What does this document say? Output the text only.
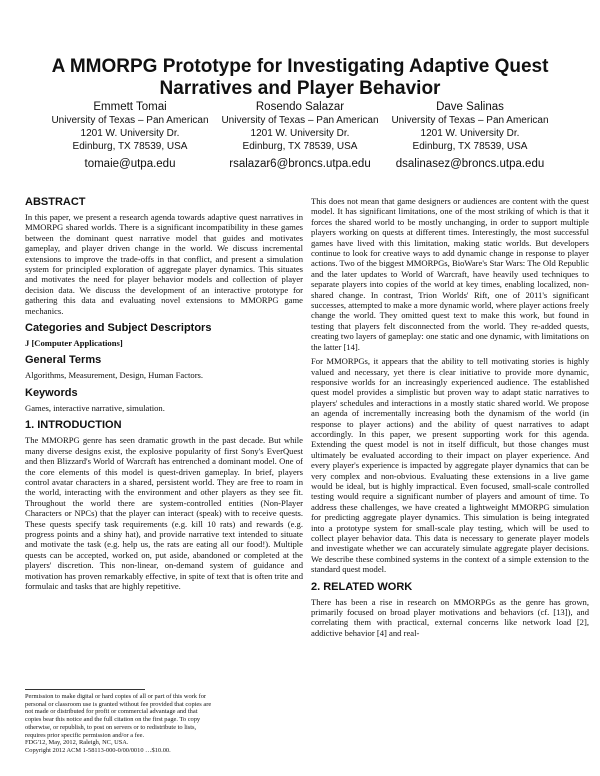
A MMORPG Prototype for Investigating Adaptive Quest Narratives and Player Behavior
Emmett Tomai
University of Texas – Pan American
1201 W. University Dr.
Edinburg, TX 78539, USA
tomaie@utpa.edu
Rosendo Salazar
University of Texas – Pan American
1201 W. University Dr.
Edinburg, TX 78539, USA
rsalazar6@broncs.utpa.edu
Dave Salinas
University of Texas – Pan American
1201 W. University Dr.
Edinburg, TX 78539, USA
dsalinasez@broncs.utpa.edu
ABSTRACT

In this paper, we present a research agenda towards adaptive quest narratives in MMORPG shared worlds. There is a significant incompatibility in these games between the dominant quest narrative model that guides and motivates gameplay, and player driven change in the world. We discuss incremental extensions to improve the trade-offs in that conflict, and present a simulation system for principled exploration of aggregate player dynamics. This situates and motivates the need for player behavior models and collection of player decision data. We discuss the development of an interactive prototype for gathering this data and evaluating novel extensions to MMORPG game mechanics.

Categories and Subject Descriptors

J [Computer Applications]

General Terms

Algorithms, Measurement, Design, Human Factors.

Keywords

Games, interactive narrative, simulation.

1. INTRODUCTION

The MMORPG genre has seen dramatic growth in the past decade. But while many diverse designs exist, the explosive popularity of first Sony's EverQuest and then Blizzard's World of Warcraft has entrenched a dominant model. One of the core elements of this model is quest-driven gameplay. In brief, players control avatar characters in a shared, persistent world. They are free to roam in the world, interacting with the environment and other players as they see fit. Throughout the world there are system-controlled entities (Non-Player Characters or NPCs) that the player can interact (speak) with to receive quests. These quests specify task requirements (e.g. kill 10 rats) and rewards (e.g. progress points and a shiny hat), and provide narrative text intended to situate and motivate the task (e.g. help us, the rats are eating all our food!). Multiple quests can be accepted, worked on, put aside, abandoned or completed at the players' discretion. This non-linear, on-demand system of guidance and motivation has proven remarkably effective, in spite of text that is often trite and formulaic and tasks that are highly repetitive.

Permission to make digital or hard copies of all or part of this work for
personal or classroom use is granted without fee provided that copies are
not made or distributed for profit or commercial advantage and that
copies bear this notice and the full citation on the first page. To copy
otherwise, or republish, to post on servers or to redistribute to lists,
requires prior specific permission and/or a fee.
FDG'12, May, 2012, Raleigh, NC, USA.
Copyright 2012 ACM 1-58113-000-0/00/0010 …$10.00.

This does not mean that game designers or audiences are content with the quest model. It has significant limitations, one of the most striking of which is that it forces the shared world to be mostly unchanging, in order to support multiple players working on quests at different times. Interestingly, the most successful games have lived with this limitation, making static worlds. But developers continue to look for creative ways to add dynamic change in response to player actions. Two of the biggest MMORPGs, BioWare's Star Wars: The Old Republic and the later updates to World of Warcraft, have heavily used techniques to separate players into copies of the world at key times, enabling localized, non-shared change. In contrast, Trion Worlds' Rift, one of 2011's significant successes, attempted to make a more dynamic world, where player actions freely change the world. They omitted quest text to make this work, but found in testing that players felt disconnected from the world. They re-added quests, creating two layers of gameplay: one static and one dynamic, with limitations on the latter [14].

For MMORPGs, it appears that the ability to tell motivating stories is highly valued and necessary, yet there is clear initiative to provide more dynamic, responsive worlds for an increasingly experienced audience. The established quest model provides a simplistic but proven way to adapt static narratives to players' schedules and interactions in a mostly static shared world. We propose an agenda of incrementally increasing both the dynamism of the world (in response to player actions) and the ability of quest narratives to adapt accordingly. In this paper, we present supporting work for this agenda. Extending the quest model is not in itself difficult, but those changes must ultimately be evaluated according to their impact on player experience. And every player's experience is impacted by aggregate player dynamics that can be very complex and non-obvious. Evaluating these extensions in a live game would be ideal, but is highly impractical. Even focused, small-scale controlled testing would require a significant number of players and amount of time. To address these challenges, we have created a lightweight MMORPG simulation for predicting aggregate player dynamics. This simulation is being integrated into a prototype system for small-scale play testing, which will be used to collect player behavior data. This data is necessary to generate player models and investigate whether we can accurately simulate aggregate player decisions. We describe these combined systems in the context of a simple extension to the standard quest model.

2. RELATED WORK

There has been a rise in research on MMORPGs as the genre has grown, primarily focused on broad player motivations and behaviors (cf. [13]), and correlating them with practical, external concerns like network load [2], addictive behavior [4] and real-
